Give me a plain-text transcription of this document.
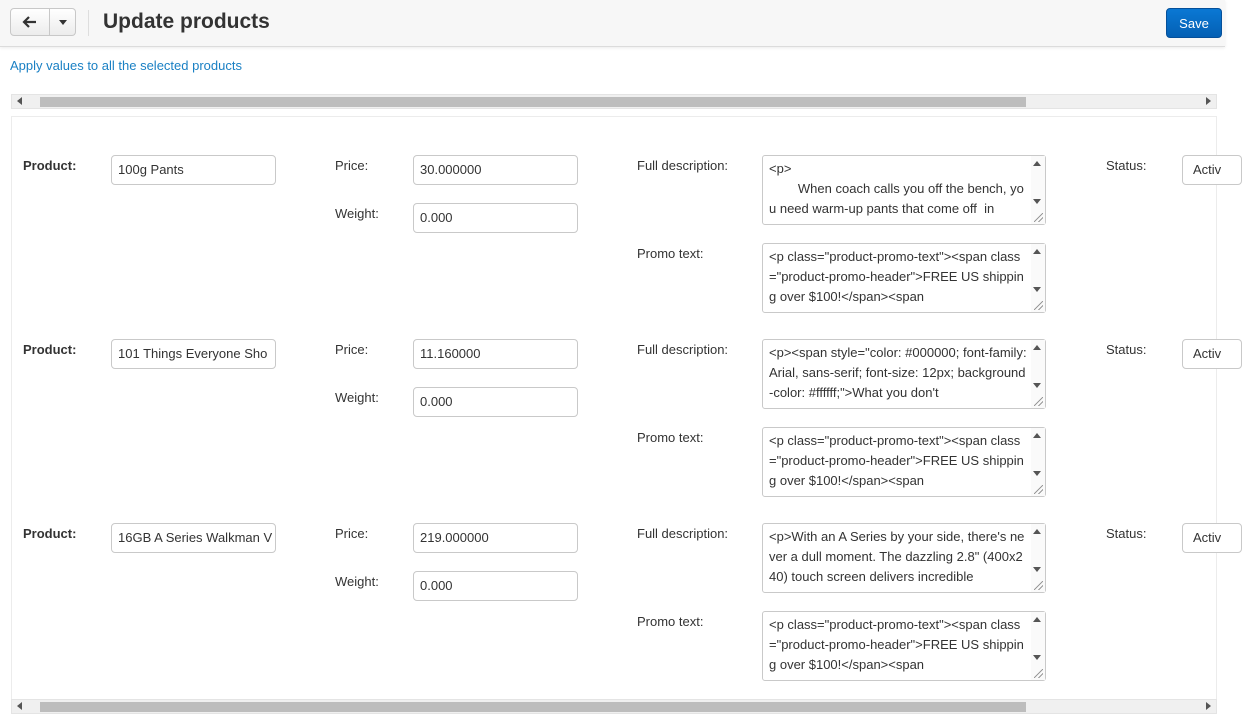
Update products	Save
Apply values to all the selected products
Product:	100g Pants	Price:	30.000000
Weight:	0.000
Full description:	<p>
When coach calls you off the bench, you need warm-up pants that come off  in
Promo text:	<p class="product-promo-text"><span class="product-promo-header">FREE US shipping over $100!</span><span
Status:	Activ
Product:	101 Things Everyone Sho	Price:	11.160000
Weight:	0.000
Full description:	<p><span style="color: #000000; font-family: Arial, sans-serif; font-size: 12px; background-color: #ffffff;">What you don't
Promo text:	<p class="product-promo-text"><span class="product-promo-header">FREE US shipping over $100!</span><span
Status:	Activ
Product:	16GB A Series Walkman V	Price:	219.000000
Weight:	0.000
Full description:	<p>With an A Series by your side, there's never a dull moment. The dazzling 2.8" (400x240) touch screen delivers incredible
Promo text:	<p class="product-promo-text"><span class="product-promo-header">FREE US shipping over $100!</span><span
Status:	Activ
